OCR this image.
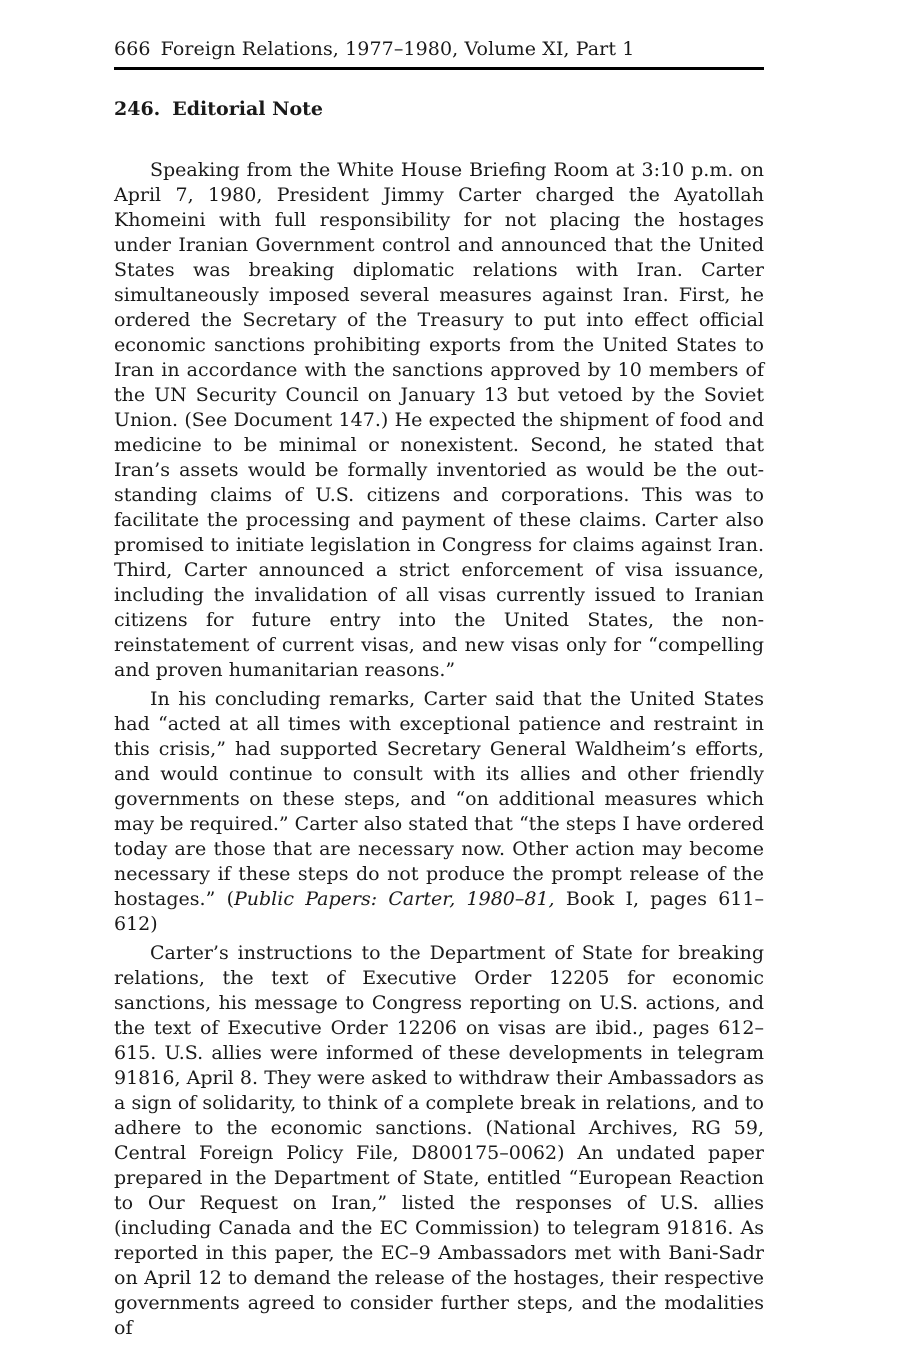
666 Foreign Relations, 1977–1980, Volume XI, Part 1
246. Editorial Note

Speaking from the White House Briefing Room at 3:10 p.m. on April 7, 1980, President Jimmy Carter charged the Ayatollah Khomeini with full responsibility for not placing the hostages under Iranian Government control and announced that the United States was breaking diplomatic relations with Iran. Carter simultaneously imposed several measures against Iran. First, he ordered the Secretary of the Treasury to put into effect official economic sanctions prohibiting exports from the United States to Iran in accordance with the sanctions approved by 10 members of the UN Security Council on January 13 but vetoed by the Soviet Union. (See Document 147.) He expected the shipment of food and medicine to be minimal or nonexistent. Second, he stated that Iran’s assets would be formally inventoried as would be the outstanding claims of U.S. citizens and corporations. This was to facilitate the processing and payment of these claims. Carter also promised to initiate legislation in Congress for claims against Iran. Third, Carter announced a strict enforcement of visa issuance, including the invalidation of all visas currently issued to Iranian citizens for future entry into the United States, the non-reinstatement of current visas, and new visas only for “compelling and proven humanitarian reasons.”

In his concluding remarks, Carter said that the United States had “acted at all times with exceptional patience and restraint in this crisis,” had supported Secretary General Waldheim’s efforts, and would continue to consult with its allies and other friendly governments on these steps, and “on additional measures which may be required.” Carter also stated that “the steps I have ordered today are those that are necessary now. Other action may become necessary if these steps do not produce the prompt release of the hostages.” (Public Papers: Carter, 1980–81, Book I, pages 611–612)

Carter’s instructions to the Department of State for breaking relations, the text of Executive Order 12205 for economic sanctions, his message to Congress reporting on U.S. actions, and the text of Executive Order 12206 on visas are ibid., pages 612–615. U.S. allies were informed of these developments in telegram 91816, April 8. They were asked to withdraw their Ambassadors as a sign of solidarity, to think of a complete break in relations, and to adhere to the economic sanctions. (National Archives, RG 59, Central Foreign Policy File, D800175–0062) An undated paper prepared in the Department of State, entitled “European Reaction to Our Request on Iran,” listed the responses of U.S. allies (including Canada and the EC Commission) to telegram 91816. As reported in this paper, the EC–9 Ambassadors met with Bani-Sadr on April 12 to demand the release of the hostages, their respective governments agreed to consider further steps, and the modalities of
